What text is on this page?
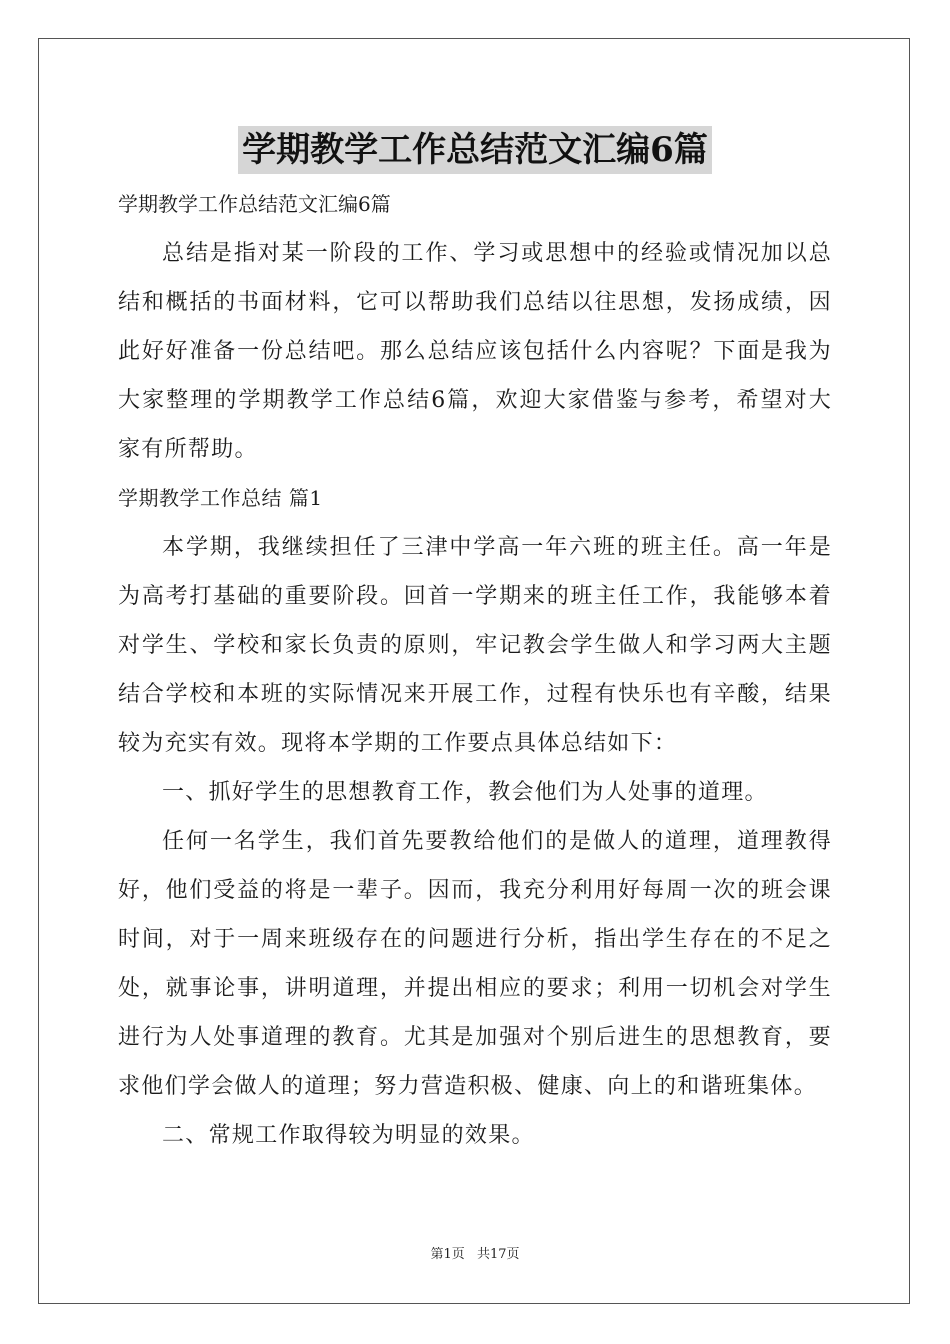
学期教学工作总结范文汇编6篇

学期教学工作总结范文汇编6篇

总结是指对某一阶段的工作、学习或思想中的经验或情况加以总结和概括的书面材料，它可以帮助我们总结以往思想，发扬成绩，因此好好准备一份总结吧。那么总结应该包括什么内容呢？下面是我为大家整理的学期教学工作总结6篇，欢迎大家借鉴与参考，希望对大家有所帮助。

学期教学工作总结 篇1

本学期，我继续担任了三津中学高一年六班的班主任。高一年是为高考打基础的重要阶段。回首一学期来的班主任工作，我能够本着对学生、学校和家长负责的原则，牢记教会学生做人和学习两大主题结合学校和本班的实际情况来开展工作，过程有快乐也有辛酸，结果较为充实有效。现将本学期的工作要点具体总结如下：

一、抓好学生的思想教育工作，教会他们为人处事的道理。

任何一名学生，我们首先要教给他们的是做人的道理，道理教得好，他们受益的将是一辈子。因而，我充分利用好每周一次的班会课时间，对于一周来班级存在的问题进行分析，指出学生存在的不足之处，就事论事，讲明道理，并提出相应的要求；利用一切机会对学生进行为人处事道理的教育。尤其是加强对个别后进生的思想教育，要求他们学会做人的道理；努力营造积极、健康、向上的和谐班集体。

二、常规工作取得较为明显的效果。

第1页 共17页
